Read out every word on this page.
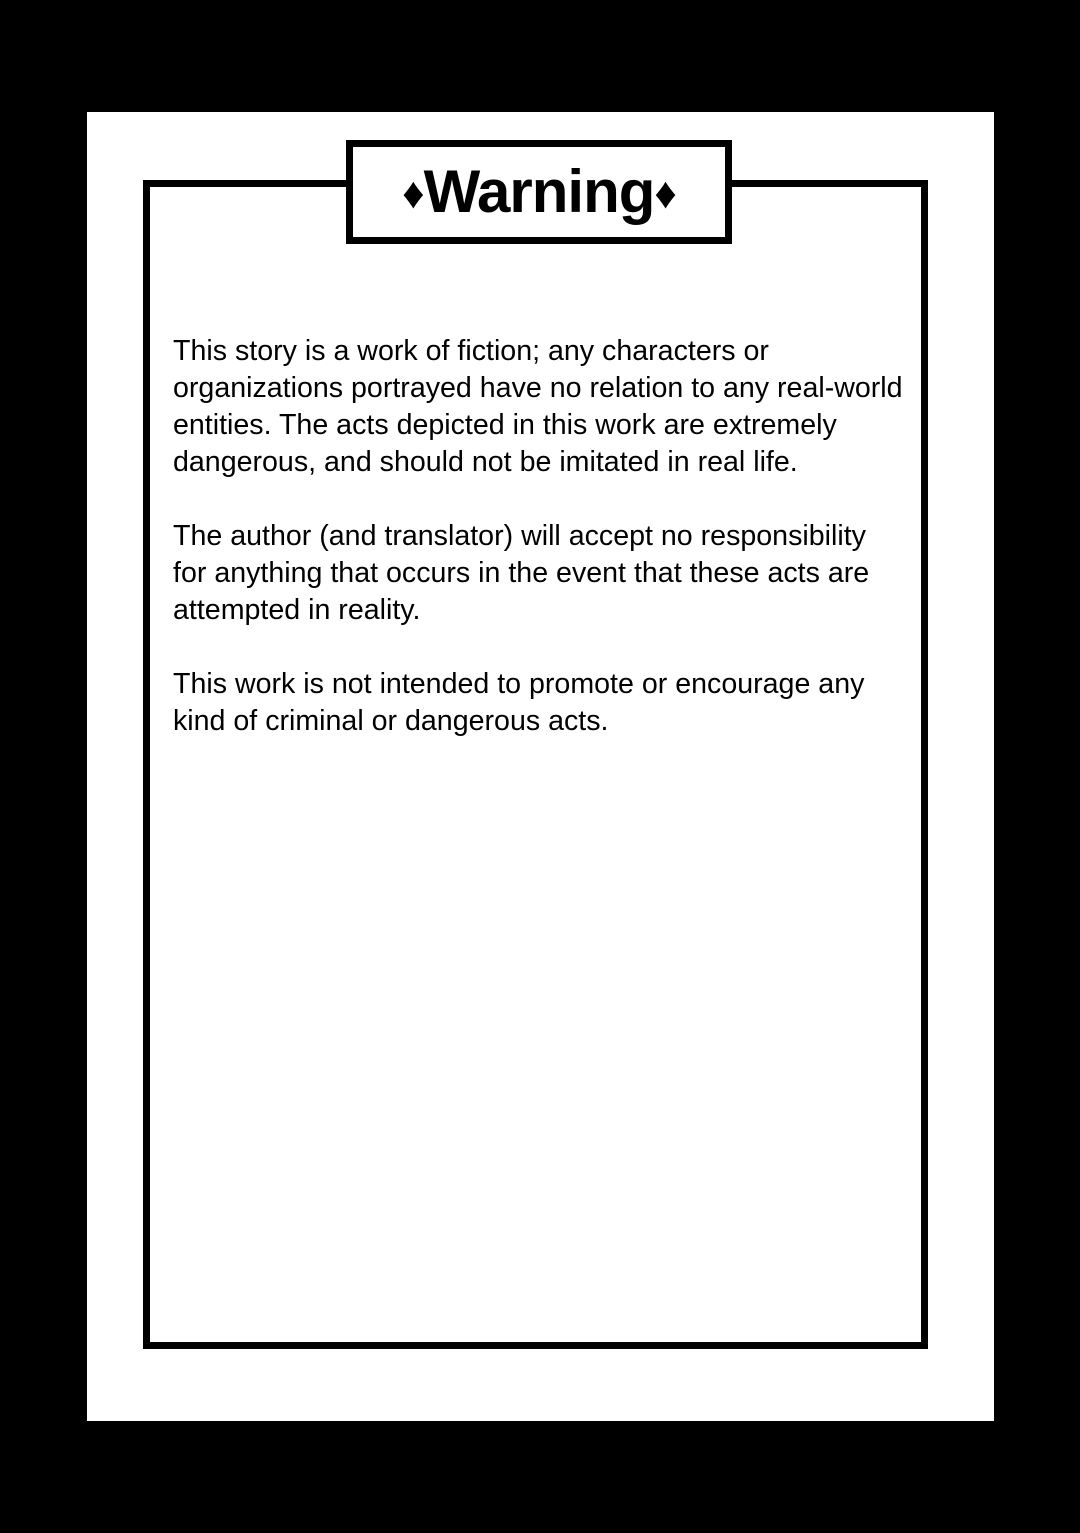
♦Warning♦

This story is a work of fiction; any characters or organizations portrayed have no relation to any real-world entities. The acts depicted in this work are extremely dangerous, and should not be imitated in real life.

The author (and translator) will accept no responsibility for anything that occurs in the event that these acts are attempted in reality.

This work is not intended to promote or encourage any kind of criminal or dangerous acts.
